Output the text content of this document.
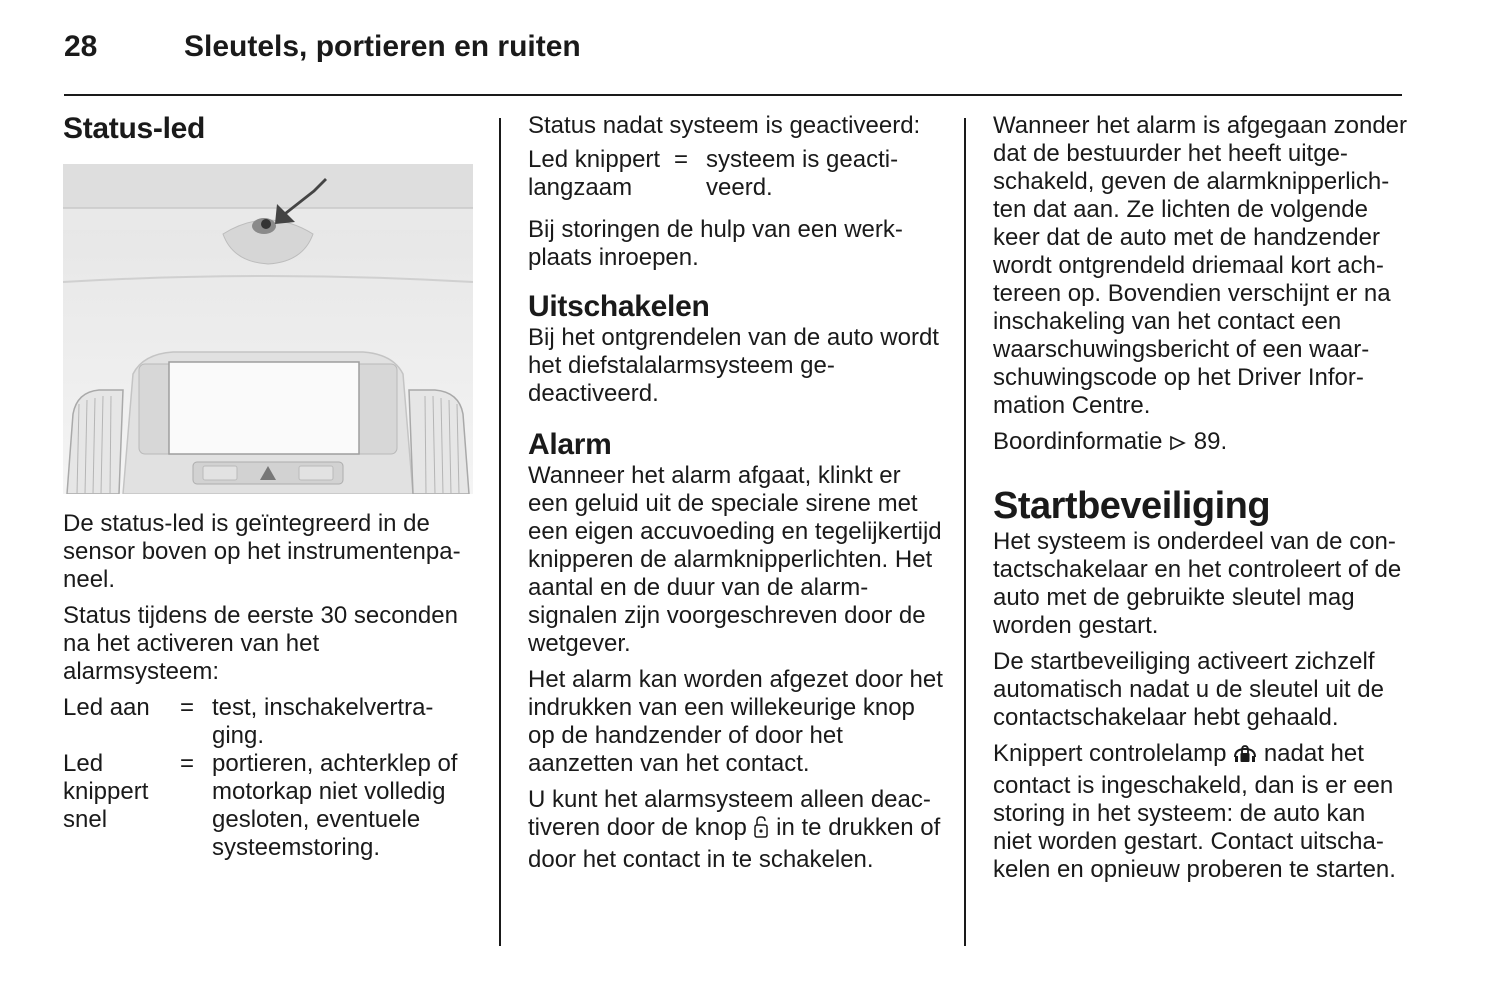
28	Sleutels, portieren en ruiten
Status-led

De status-led is geïntegreerd in de sensor boven op het instrumentenpaneel.

Status tijdens de eerste 30 seconden na het activeren van het alarmsysteem:

Led aan	=	test, inschakelvertraging.
Led knippert snel	=	portieren, achterklep of motorkap niet volledig gesloten, eventuele systeemstoring.

Status nadat systeem is geactiveerd:

Led knippert langzaam	=	systeem is geactiveerd.

Bij storingen de hulp van een werkplaats inroepen.

Uitschakelen

Bij het ontgrendelen van de auto wordt het diefstalalarmsysteem gedeactiveerd.

Alarm

Wanneer het alarm afgaat, klinkt er een geluid uit de speciale sirene met een eigen accuvoeding en tegelijkertijd knipperen de alarmknipperlichten. Het aantal en de duur van de alarmsignalen zijn voorgeschreven door de wetgever.

Het alarm kan worden afgezet door het indrukken van een willekeurige knop op de handzender of door het aanzetten van het contact.

U kunt het alarmsysteem alleen deactiveren door de knop in te drukken of door het contact in te schakelen.

Wanneer het alarm is afgegaan zonder dat de bestuurder het heeft uitgeschakeld, geven de alarmknipperlichten dat aan. Ze lichten de volgende keer dat de auto met de handzender wordt ontgrendeld driemaal kort achtereen op. Bovendien verschijnt er na inschakeling van het contact een waarschuwingsbericht of een waarschuwingscode op het Driver Information Centre.

Boordinformatie 89.

Startbeveiliging

Het systeem is onderdeel van de contactschakelaar en het controleert of de auto met de gebruikte sleutel mag worden gestart.

De startbeveiliging activeert zichzelf automatisch nadat u de sleutel uit de contactschakelaar hebt gehaald.

Knippert controlelamp nadat het contact is ingeschakeld, dan is er een storing in het systeem: de auto kan niet worden gestart. Contact uitschakelen en opnieuw proberen te starten.
